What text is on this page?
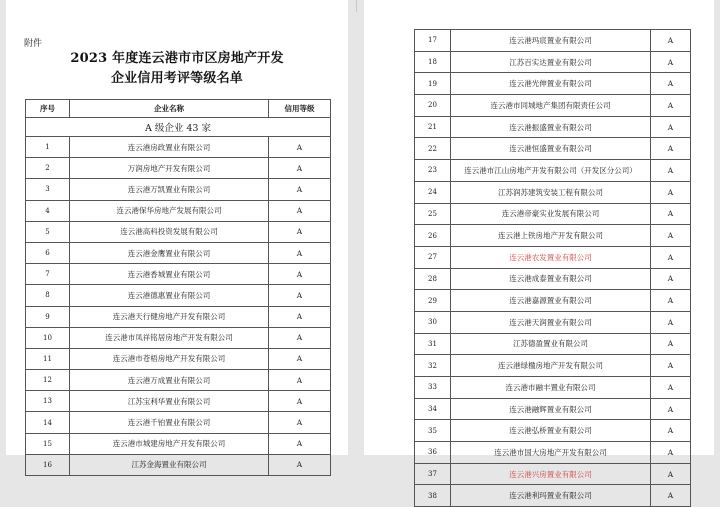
附件
2023 年度连云港市市区房地产开发
企业信用考评等级名单
序号	企业名称	信用等级
A 级企业 43 家		
1	连云港房政置业有限公司	A
2	万润房地产开发有限公司	A
3	连云港万凯置业有限公司	A
4	连云港保华房地产发展有限公司	A
5	连云港高科投资发展有限公司	A
6	连云港金鹰置业有限公司	A
7	连云港香城置业有限公司	A
8	连云港德惠置业有限公司	A
9	连云港天行健房地产开发有限公司	A
10	连云港市凤祥铭居房地产开发有限公司	A
11	连云港市苍梧房地产开发有限公司	A
12	连云港万成置业有限公司	A
13	江苏宝利华置业有限公司	A
14	连云港千铂置业有限公司	A
15	连云港市城建房地产开发有限公司	A
16	江苏金海置业有限公司	A
17	连云港玛宸置业有限公司	A
18	江苏百实达置业有限公司	A
19	连云港光伸置业有限公司	A
20	连云港市同城地产集团有限责任公司	A
21	连云港振盛置业有限公司	A
22	连云港恒盛置业有限公司	A
23	连云港市江山房地产开发有限公司（开发区分公司）	A
24	江苏润苏建筑安装工程有限公司	A
25	连云港帝豪实业发展有限公司	A
26	连云港上铁房地产开发有限公司	A
27	连云港农发置业有限公司	A
28	连云港成泰置业有限公司	A
29	连云港嘉源置业有限公司	A
30	连云港天润置业有限公司	A
31	江苏德盈置业有限公司	A
32	连云港绿楹房地产开发有限公司	A
33	连云港市融丰置业有限公司	A
34	连云港融辉置业有限公司	A
35	连云港弘桥置业有限公司	A
36	连云港市国大房地产开发有限公司	A
37	连云港兴房置业有限公司	A
38	连云港利玛置业有限公司	A
